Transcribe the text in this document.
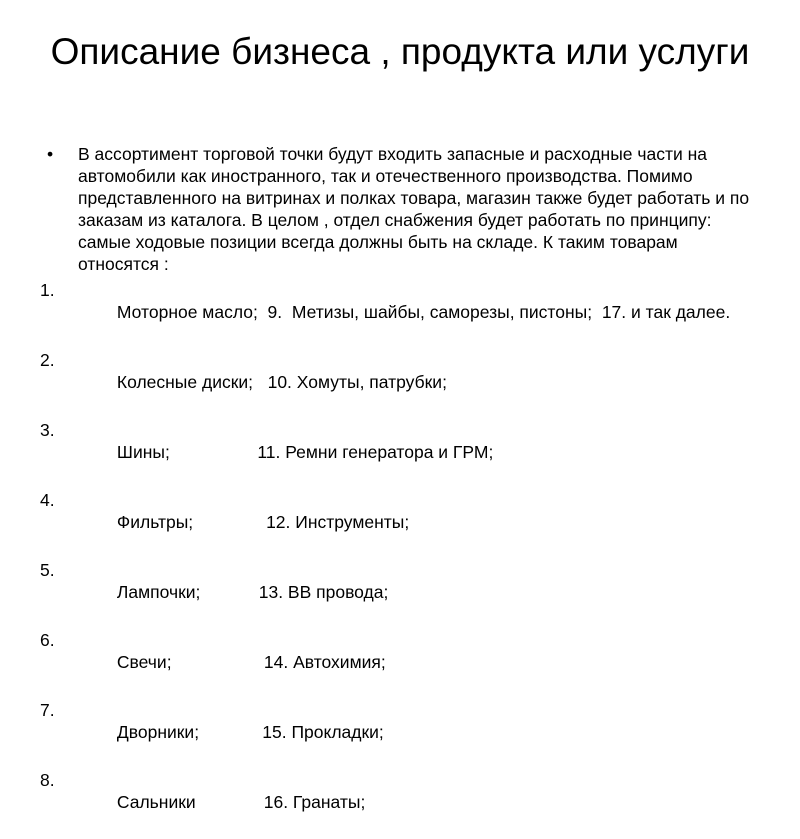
Описание бизнеса , продукта или услуги

• В ассортимент торговой точки будут входить запасные и расходные части на автомобили как иностранного, так и отечественного производства. Помимо представленного на витринах и полках товара, магазин также будет работать и по заказам из каталога. В целом , отдел снабжения будет работать по принципу: самые ходовые позиции всегда должны быть на складе. К таким товарам относятся :

1.
Моторное масло;  9.  Метизы, шайбы, саморезы, пистоны;  17. и так далее.

2.
Колесные диски;   10. Хомуты, патрубки;

3.
Шины;                  11. Ремни генератора и ГРМ;

4.
Фильтры;               12. Инструменты;

5.
Лампочки;            13. ВВ провода;

6.
Свечи;                   14. Автохимия;

7.
Дворники;             15. Прокладки;

8.
Сальники              16. Гранаты;
